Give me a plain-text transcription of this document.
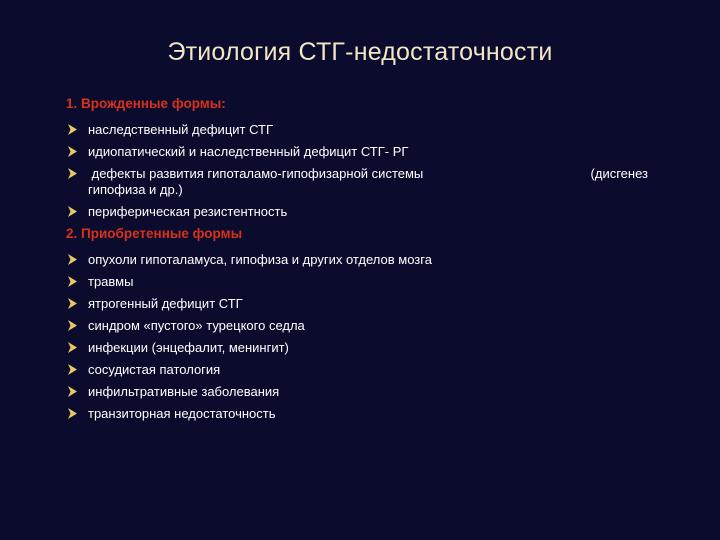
Этиология СТГ-недостаточности
1. Врожденные формы:
наследственный дефицит СТГ
идиопатический и наследственный дефицит СТГ- РГ
дефекты развития гипоталамо-гипофизарной системы	(дисгенез
гипофиза и др.)
периферическая резистентность
2. Приобретенные формы
опухоли гипоталамуса, гипофиза и других отделов мозга
травмы
ятрогенный дефицит СТГ
синдром «пустого» турецкого седла
инфекции (энцефалит, менингит)
сосудистая патология
инфильтративные заболевания
транзиторная недостаточность
